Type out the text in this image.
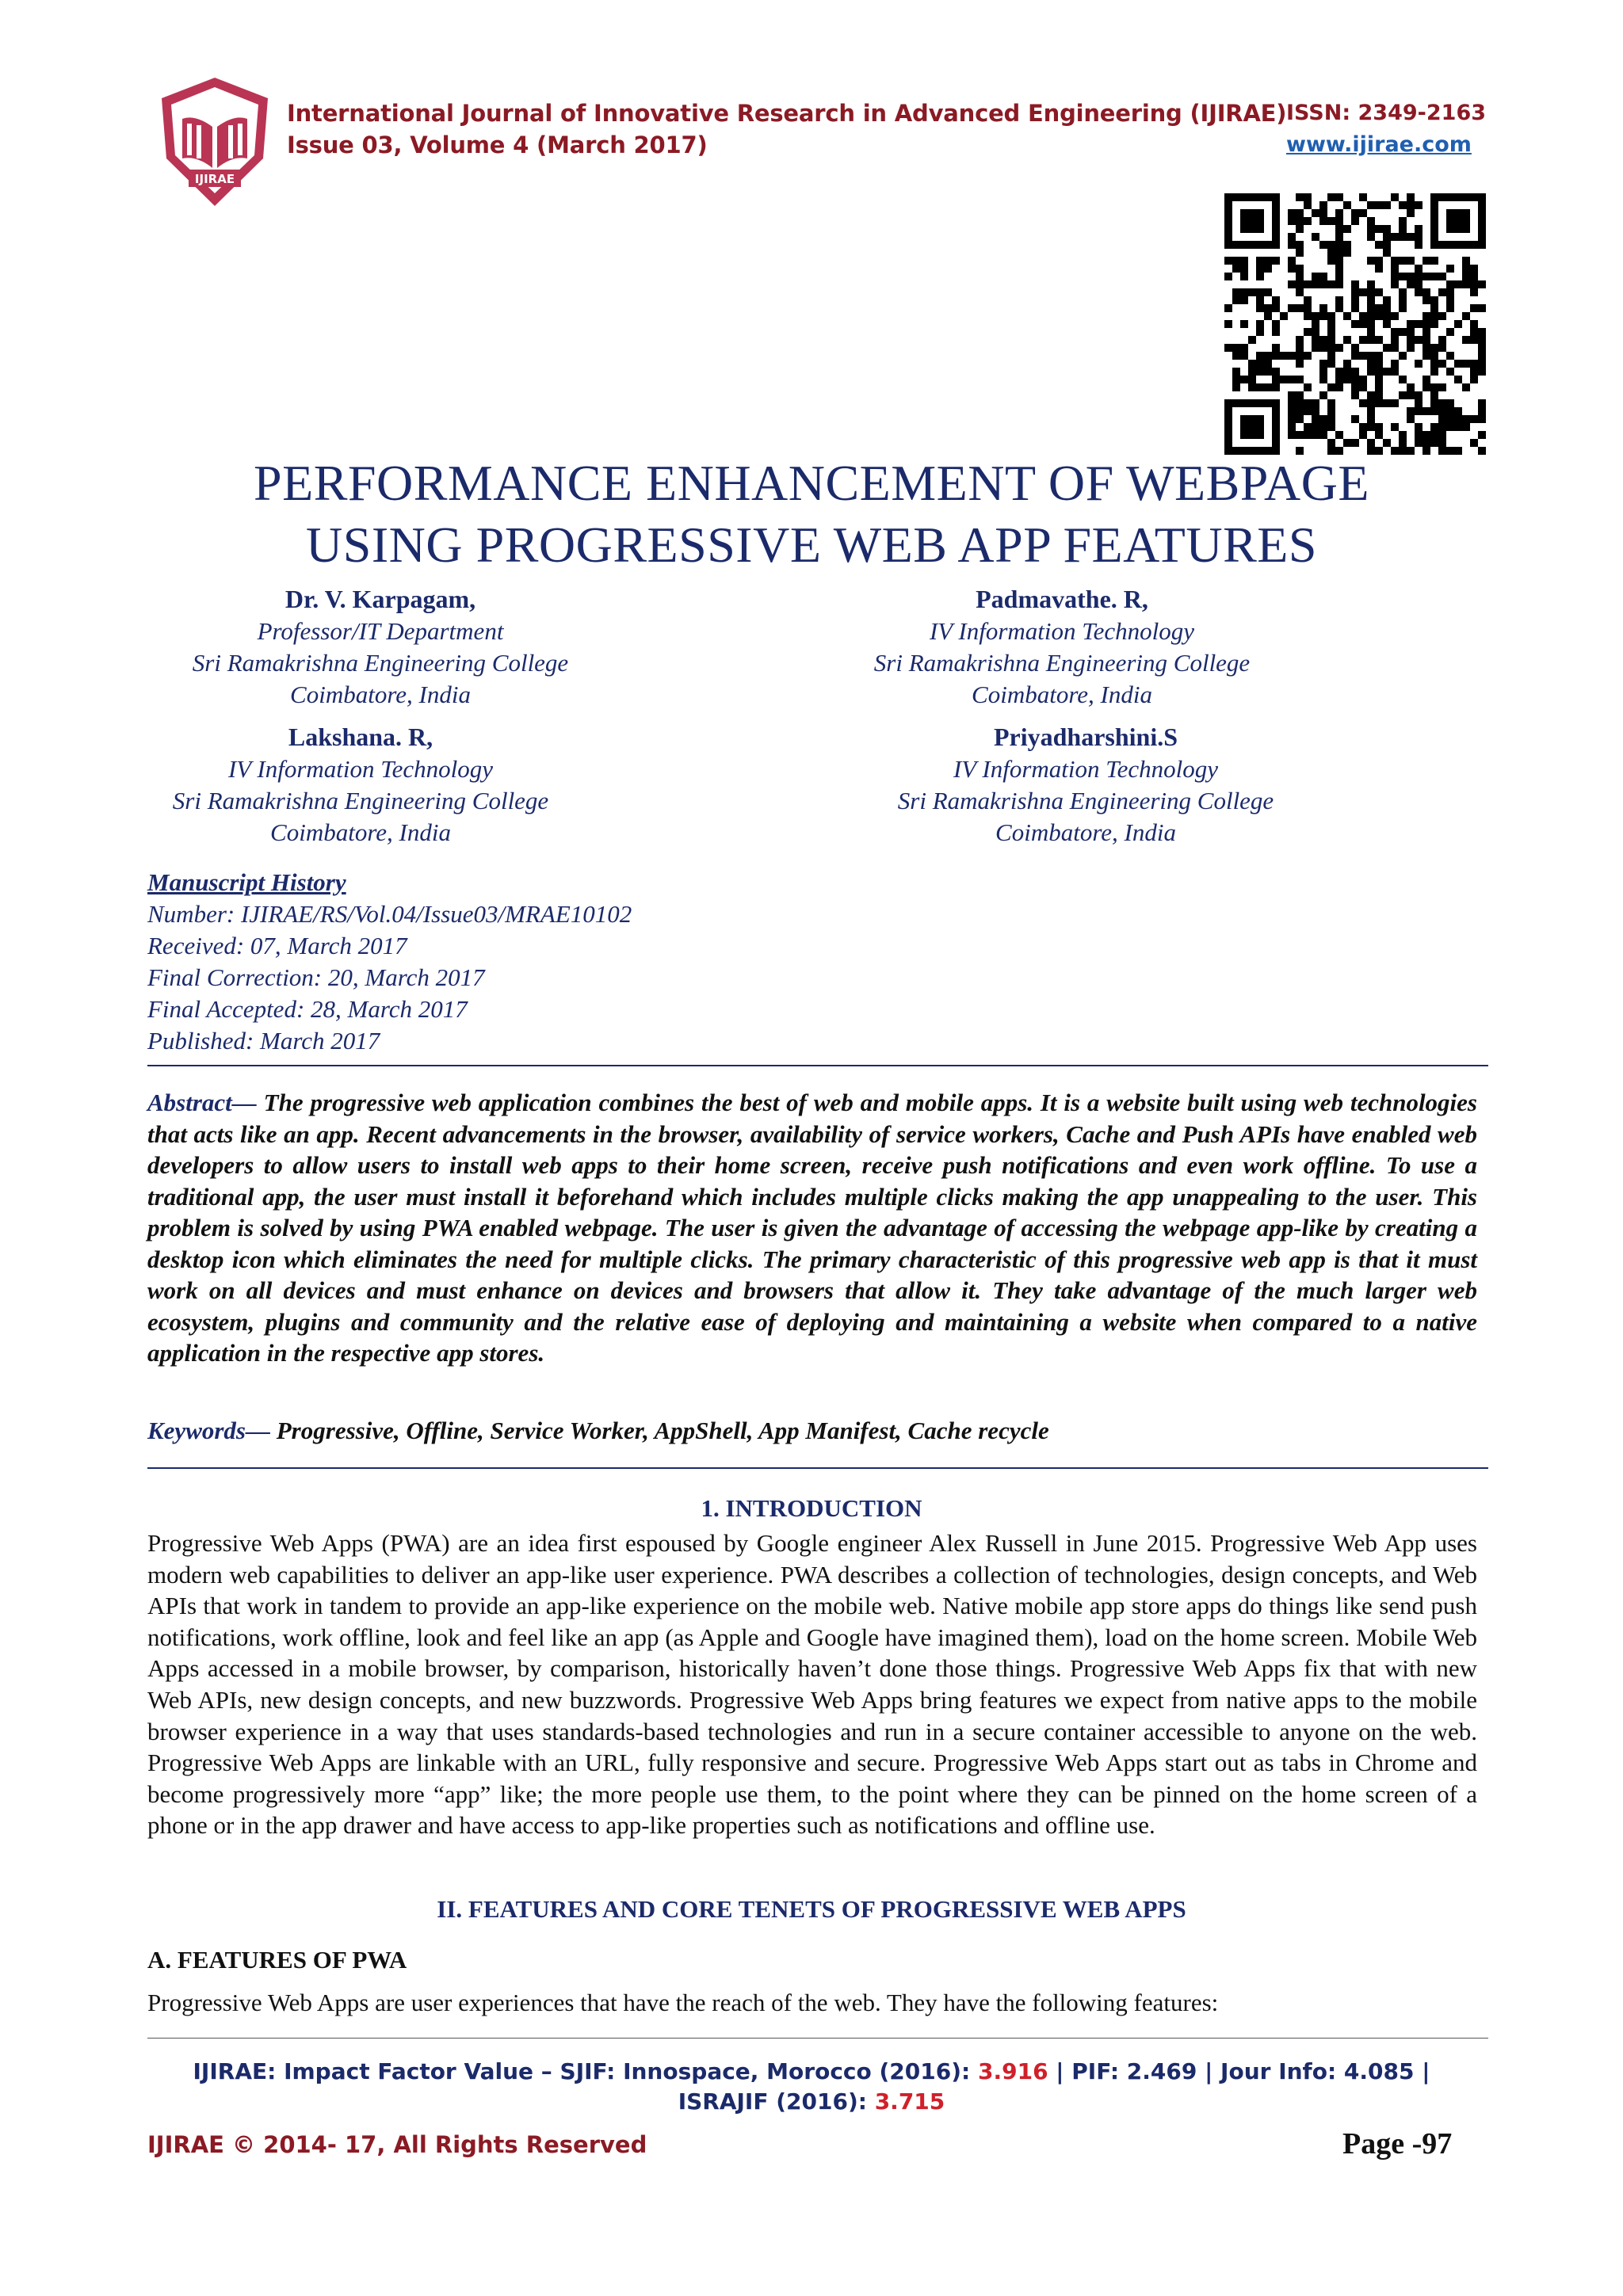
IJIRAE
International Journal of Innovative Research in Advanced Engineering (IJIRAE)
Issue 03, Volume 4 (March 2017)
ISSN: 2349-2163
www.ijirae.com
PERFORMANCE ENHANCEMENT OF WEBPAGE
USING PROGRESSIVE WEB APP FEATURES
Dr. V. Karpagam,
Professor/IT Department
Sri Ramakrishna Engineering College
Coimbatore, India
Padmavathe. R,
IV Information Technology
Sri Ramakrishna Engineering College
Coimbatore, India
Lakshana. R,
IV Information Technology
Sri Ramakrishna Engineering College
Coimbatore, India
Priyadharshini.S
IV Information Technology
Sri Ramakrishna Engineering College
Coimbatore, India
Manuscript History
Number: IJIRAE/RS/Vol.04/Issue03/MRAE10102
Received: 07, March 2017
Final Correction: 20, March 2017
Final Accepted: 28, March 2017
Published: March 2017
Abstract— The progressive web application combines the best of web and mobile apps. It is a website built using web technologies that acts like an app. Recent advancements in the browser, availability of service workers, Cache and Push APIs have enabled web developers to allow users to install web apps to their home screen, receive push notifications and even work offline. To use a traditional app, the user must install it beforehand which includes multiple clicks making the app unappealing to the user. This problem is solved by using PWA enabled webpage. The user is given the advantage of accessing the webpage app-like by creating a desktop icon which eliminates the need for multiple clicks. The primary characteristic of this progressive web app is that it must work on all devices and must enhance on devices and browsers that allow it. They take advantage of the much larger web ecosystem, plugins and community and the relative ease of deploying and maintaining a website when compared to a native application in the respective app stores.
Keywords— Progressive, Offline, Service Worker, AppShell, App Manifest, Cache recycle
1. INTRODUCTION
Progressive Web Apps (PWA) are an idea first espoused by Google engineer Alex Russell in June 2015. Progressive Web App uses modern web capabilities to deliver an app-like user experience. PWA describes a collection of technologies, design concepts, and Web APIs that work in tandem to provide an app-like experience on the mobile web. Native mobile app store apps do things like send push notifications, work offline, look and feel like an app (as Apple and Google have imagined them), load on the home screen. Mobile Web Apps accessed in a mobile browser, by comparison, historically haven’t done those things. Progressive Web Apps fix that with new Web APIs, new design concepts, and new buzzwords. Progressive Web Apps bring features we expect from native apps to the mobile browser experience in a way that uses standards-based technologies and run in a secure container accessible to anyone on the web. Progressive Web Apps are linkable with an URL, fully responsive and secure. Progressive Web Apps start out as tabs in Chrome and become progressively more “app” like; the more people use them, to the point where they can be pinned on the home screen of a phone or in the app drawer and have access to app-like properties such as notifications and offline use.
II. FEATURES AND CORE TENETS OF PROGRESSIVE WEB APPS
A. FEATURES OF PWA
Progressive Web Apps are user experiences that have the reach of the web. They have the following features:
IJIRAE: Impact Factor Value – SJIF: Innospace, Morocco (2016): 3.916 | PIF: 2.469 | Jour Info: 4.085 |
ISRAJIF (2016): 3.715
IJIRAE © 2014- 17, All Rights Reserved	Page -97
